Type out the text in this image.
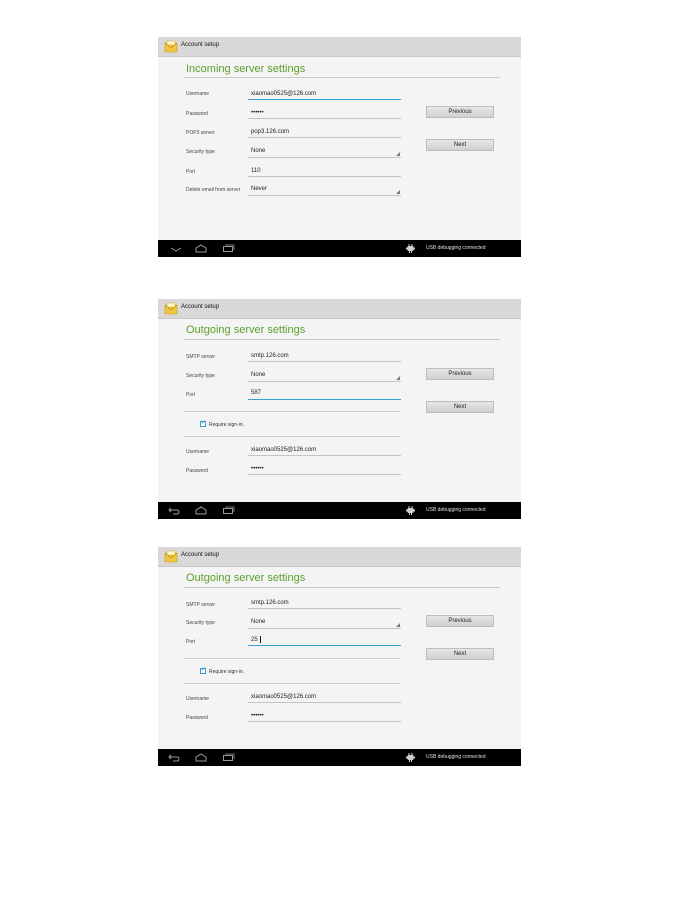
Account setup
Incoming server settings
Username	xiaomao0525@126.com
Password	••••••
POP3 server	pop3.126.com
Security type	None
Port	110
Delete email from server Never
Previous
Next
USB debugging connected
Account setup
Outgoing server settings
SMTP server	smtp.126.com
Security type	None
Port	587
✓
Require sign-in.
Username	xiaomao0525@126.com
Password	••••••
Previous
Next
USB debugging connected
Account setup
Outgoing server settings
SMTP server	smtp.126.com
Security type	None
Port	25
✓
Require sign-in.
Username	xiaomao0525@126.com
Password	••••••
Previous
Next
USB debugging connected
